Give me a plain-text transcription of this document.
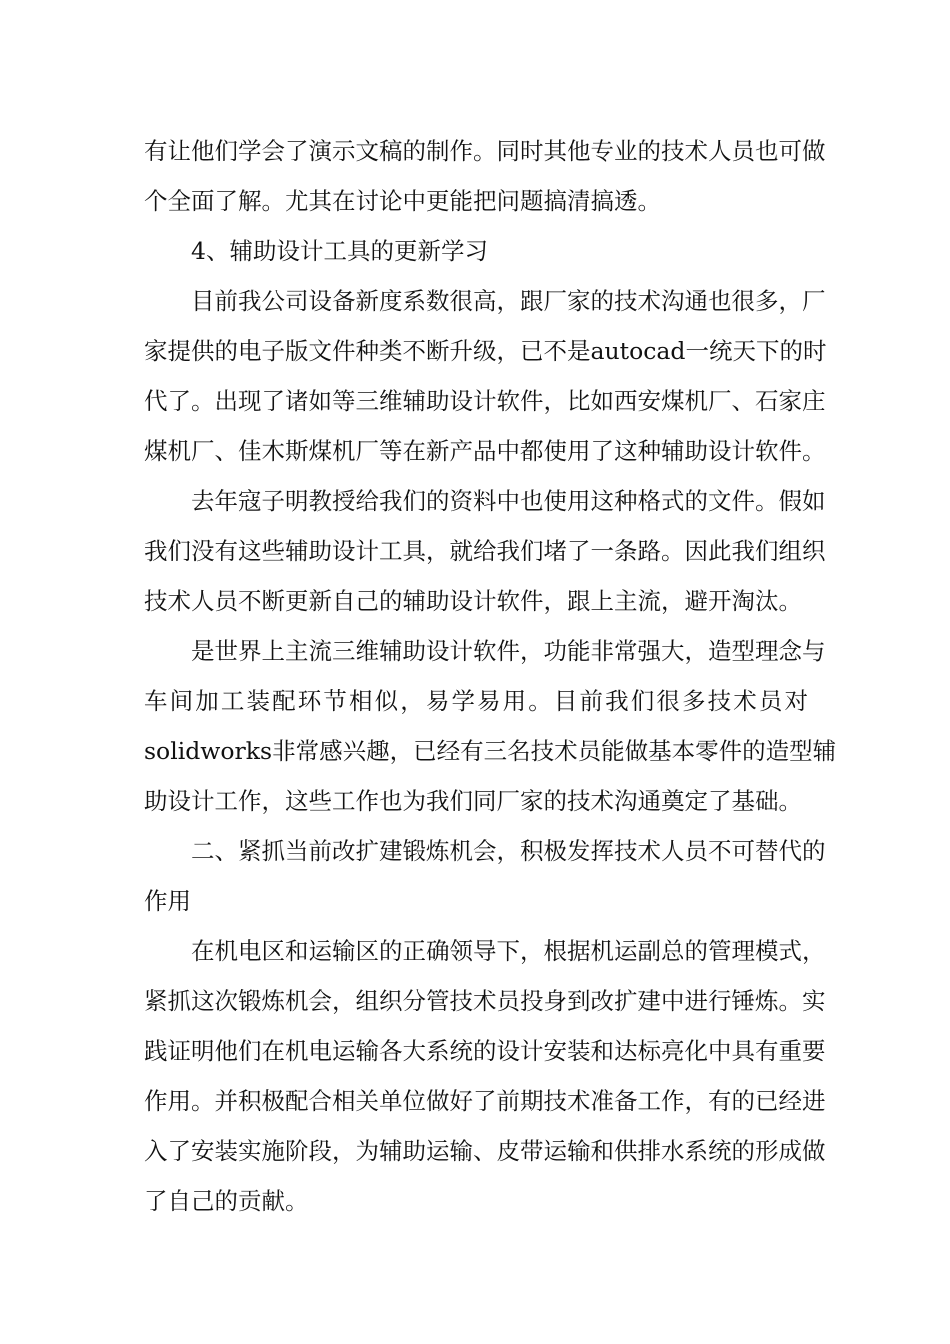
有让他们学会了演示文稿的制作。同时其他专业的技术人员也可做
个全面了解。尤其在讨论中更能把问题搞清搞透。
4、辅助设计工具的更新学习
目前我公司设备新度系数很高，跟厂家的技术沟通也很多，厂
家提供的电子版文件种类不断升级，已不是autocad一统天下的时
代了。出现了诸如等三维辅助设计软件，比如西安煤机厂、石家庄
煤机厂、佳木斯煤机厂等在新产品中都使用了这种辅助设计软件。
去年寇子明教授给我们的资料中也使用这种格式的文件。假如
我们没有这些辅助设计工具，就给我们堵了一条路。因此我们组织
技术人员不断更新自己的辅助设计软件，跟上主流，避开淘汰。
是世界上主流三维辅助设计软件，功能非常强大，造型理念与
车间加工装配环节相似，易学易用。目前我们很多技术员对
solidworks非常感兴趣，已经有三名技术员能做基本零件的造型辅
助设计工作，这些工作也为我们同厂家的技术沟通奠定了基础。
二、紧抓当前改扩建锻炼机会，积极发挥技术人员不可替代的
作用
在机电区和运输区的正确领导下，根据机运副总的管理模式，
紧抓这次锻炼机会，组织分管技术员投身到改扩建中进行锤炼。实
践证明他们在机电运输各大系统的设计安装和达标亮化中具有重要
作用。并积极配合相关单位做好了前期技术准备工作，有的已经进
入了安装实施阶段，为辅助运输、皮带运输和供排水系统的形成做
了自己的贡献。
